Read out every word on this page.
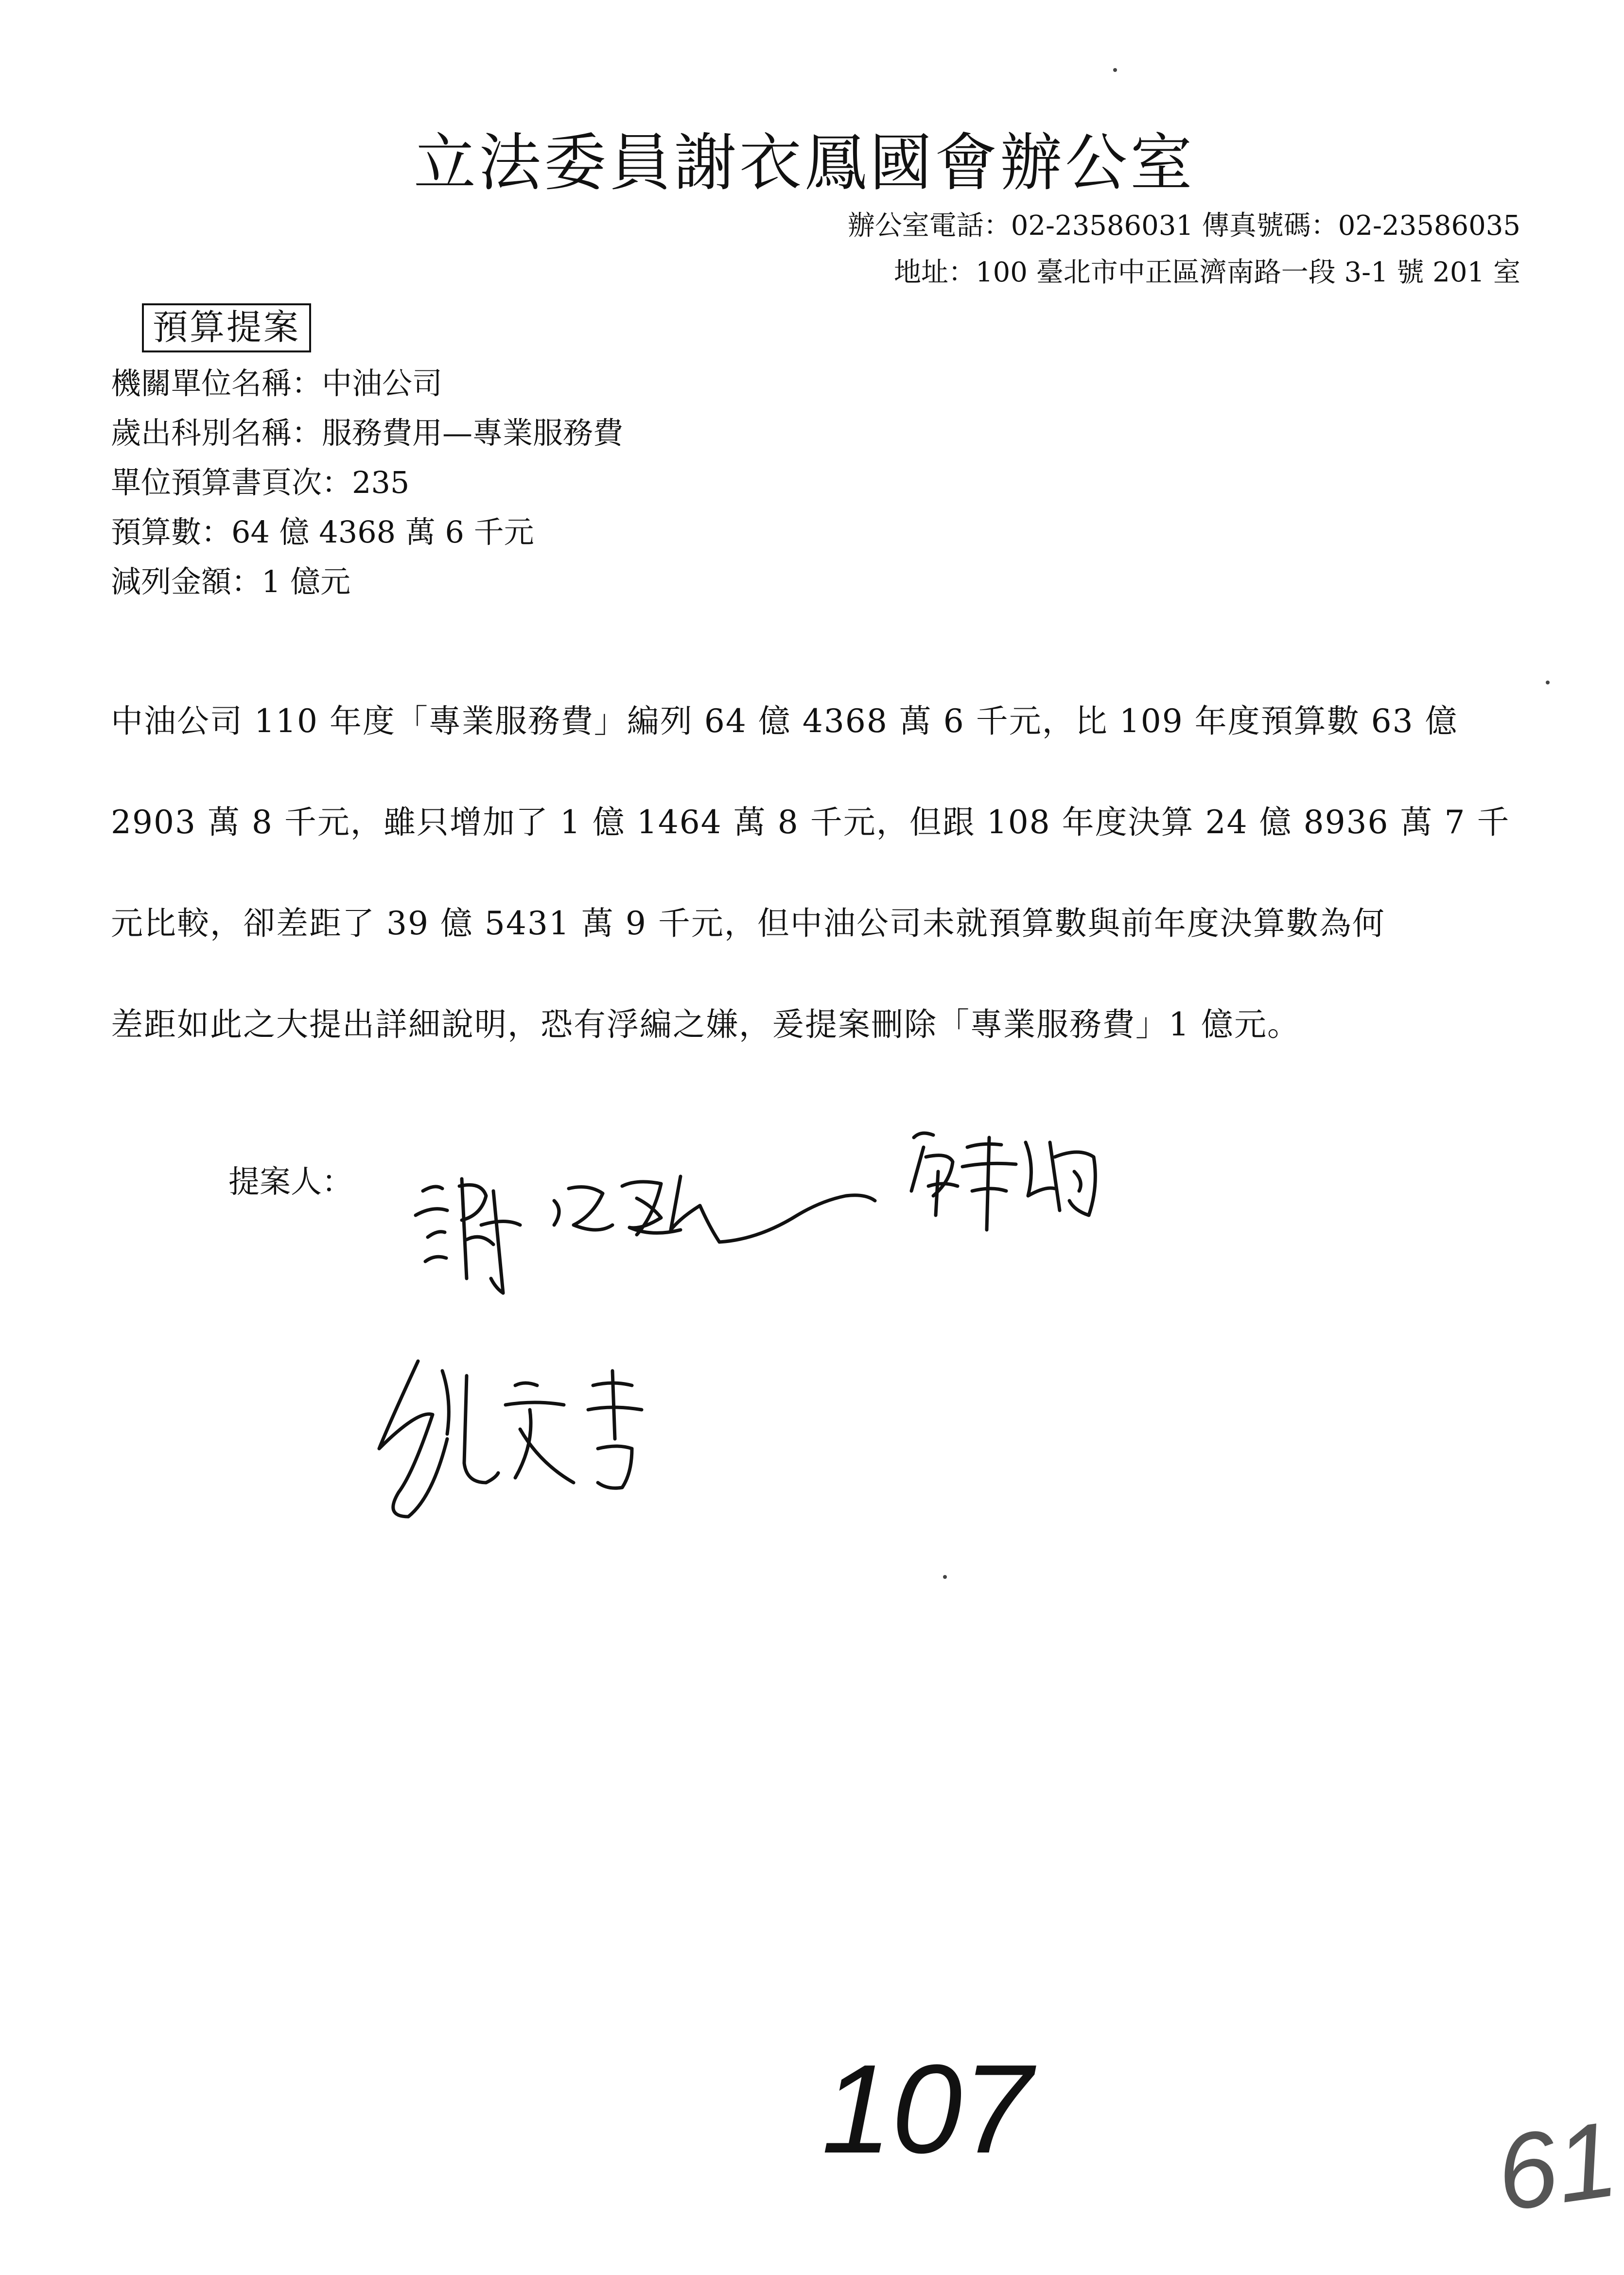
立法委員謝衣鳳國會辦公室
辦公室電話：02-23586031 傳真號碼：02-23586035
地址：100 臺北市中正區濟南路一段 3-1 號 201 室
預算提案
機關單位名稱：中油公司
歲出科別名稱：服務費用—專業服務費
單位預算書頁次：235
預算數：64 億 4368 萬 6 千元
減列金額：1 億元
中油公司 110 年度「專業服務費」編列 64 億 4368 萬 6 千元，比 109 年度預算數 63 億
2903 萬 8 千元，雖只增加了 1 億 1464 萬 8 千元，但跟 108 年度決算 24 億 8936 萬 7 千
元比較，卻差距了 39 億 5431 萬 9 千元，但中油公司未就預算數與前年度決算數為何
差距如此之大提出詳細說明，恐有浮編之嫌，爰提案刪除「專業服務費」1 億元。
提案人：
107	61
